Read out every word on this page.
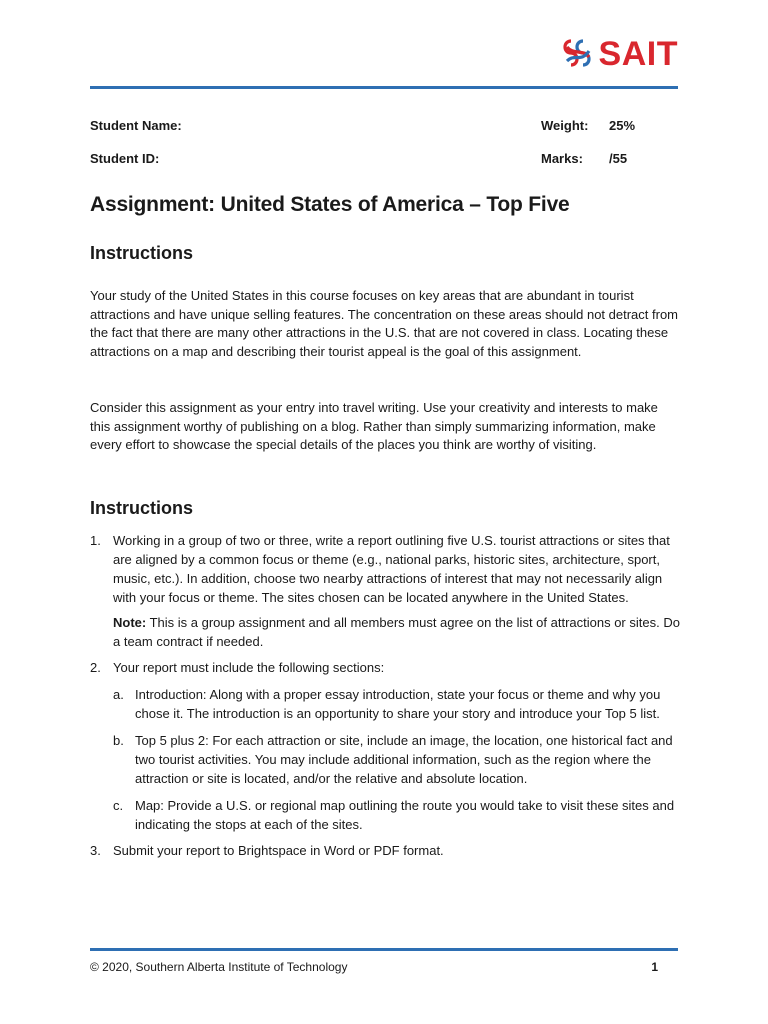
SAIT
Student Name:	Weight: 25%
Student ID:	Marks: /55
Assignment: United States of America – Top Five
Instructions

Your study of the United States in this course focuses on key areas that are abundant in tourist attractions and have unique selling features. The concentration on these areas should not detract from the fact that there are many other attractions in the U.S. that are not covered in class. Locating these attractions on a map and describing their tourist appeal is the goal of this assignment.

Consider this assignment as your entry into travel writing. Use your creativity and interests to make this assignment worthy of publishing on a blog. Rather than simply summarizing information, make every effort to showcase the special details of the places you think are worthy of visiting.

Instructions
1. Working in a group of two or three, write a report outlining five U.S. tourist attractions or sites that are aligned by a common focus or theme (e.g., national parks, historic sites, architecture, sport, music, etc.). In addition, choose two nearby attractions of interest that may not necessarily align with your focus or theme. The sites chosen can be located anywhere in the United States.
Note: This is a group assignment and all members must agree on the list of attractions or sites. Do a team contract if needed.
2. Your report must include the following sections:
a. Introduction: Along with a proper essay introduction, state your focus or theme and why you chose it. The introduction is an opportunity to share your story and introduce your Top 5 list.
b. Top 5 plus 2: For each attraction or site, include an image, the location, one historical fact and two tourist activities. You may include additional information, such as the region where the attraction or site is located, and/or the relative and absolute location.
c. Map: Provide a U.S. or regional map outlining the route you would take to visit these sites and indicating the stops at each of the sites.
3. Submit your report to Brightspace in Word or PDF format.
© 2020, Southern Alberta Institute of Technology	1
